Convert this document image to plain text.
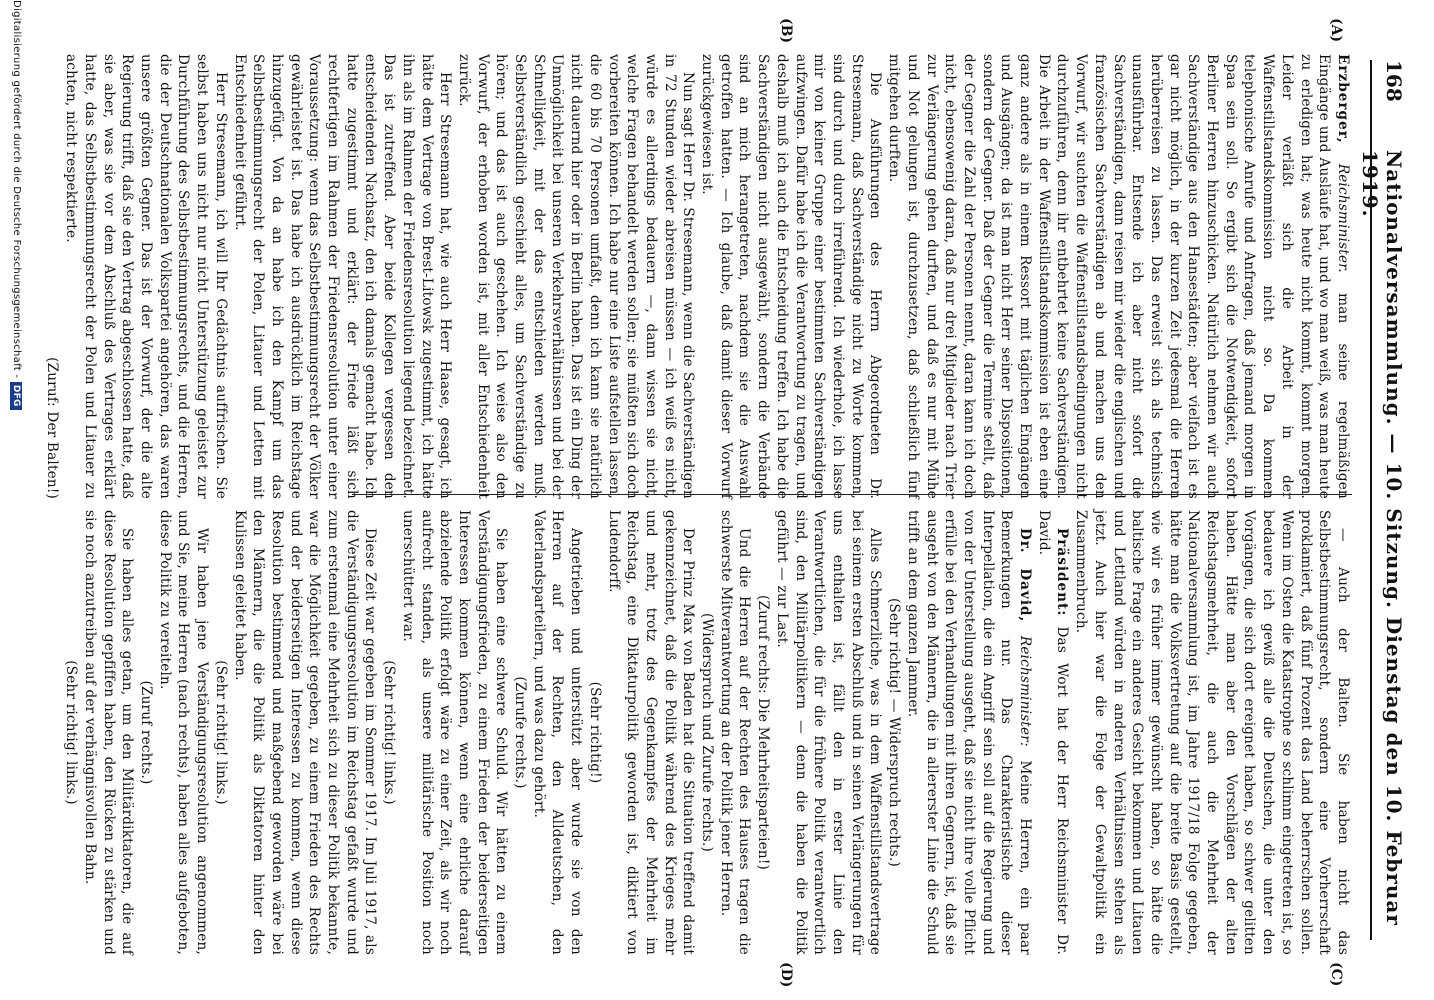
168
Nationalversammlung. — 10. Sitzung. Dienstag den 10. Februar 1919.
(A)
(B)
(C)
(D)

Erzberger, Reichsminister. man seine regelmäßigen Eingänge und Ausläufe hat, und wo man weiß, was man heute zu erledigen hat; was heute nicht kommt, kommt morgen. Leider verläßt sich die Arbeit in der Waffenstillstandskommission nicht so. Da kommen telephonische Anrufe und Anfragen, daß jemand morgen in Spaa sein soll. So ergibt sich die Notwendigkeit, sofort Berliner Herren hinzuschicken. Natürlich nehmen wir auch Sachverständige aus den Hansestädten; aber vielfach ist es gar nicht möglich, in der kurzen Zeit jedesmal die Herren herüberreisen zu lassen. Das erweist sich als technisch unausführbar. Entsende ich aber nicht sofort die Sachverständigen, dann reisen mir wieder die englischen und französischen Sachverständigen ab und machen uns den Vorwurf, wir suchten die Waffenstillstandsbedingungen nicht durchzuführen, denn ihr entbehrtet keine Sachverständigen. Die Arbeit in der Waffenstillstandskommission ist eben eine ganz andere als in einem Ressort mit täglichen Eingängen und Ausgängen; da ist man nicht Herr seiner Dispositionen, sondern der Gegner. Daß der Gegner die Termine stellt, daß der Gegner die Zahl der Personen nennt, daran kann ich doch nicht, ebensowenig daran, daß nur drei Mitglieder nach Trier zur Verlängerung gehen durften, und daß es nur mit Mühe und Not gelungen ist, durchzusetzen, daß schließlich fünf mitgehen durften.

Die Ausführungen des Herrn Abgeordneten Dr. Stresemann, daß Sachverständige nicht zu Worte kommen, sind durch und durch irreführend. Ich wiederhole, ich lasse mir von keiner Gruppe einer bestimmten Sachverständigen aufzwingen. Dafür habe ich die Verantwortung zu tragen, und deshalb muß ich auch die Entscheidung treffen. Ich habe die Sachverständigen nicht ausgewählt, sondern die Verbände sind an mich herangetreten, nachdem sie die Auswahl getroffen hatten. — Ich glaube, daß damit dieser Vorwurf zurückgewiesen ist.

Nun sagt Herr Dr. Stresemann, wenn die Sachverständigen in 72 Stunden wieder abreisen müssen — ich weiß es nicht, würde es allerdings bedauern —, dann wissen sie nicht, welche Fragen behandelt werden sollen; sie müßten sich doch vorbereiten können. Ich habe nur eine Liste aufstellen lassen, die 60 bis 70 Personen umfaßt, denn ich kann sie natürlich nicht dauernd hier oder in Berlin haben. Das ist ein Ding der Unmöglichkeit bei unseren Verkehrsverhältnissen und bei der Schnelligkeit, mit der das entschieden werden muß. Selbstverständlich geschieht alles, um Sachverständige zu hören; und das ist auch geschehen. Ich weise also den Vorwurf, der erhoben worden ist, mit aller Entschiedenheit zurück.

Herr Stresemann hat, wie auch Herr Haase, gesagt, ich hätte dem Vertrage von Brest-Litowsk zugestimmt, ich hätte ihn als im Rahmen der Friedensresolution liegend bezeichnet. Das ist zutreffend. Aber beide Kollegen vergessen den entscheidenden Nachsatz, den ich damals gemacht habe. Ich hatte zugestimmt und erklärt: der Friede läßt sich rechtfertigen im Rahmen der Friedensresolution unter einer Voraussetzung: wenn das Selbstbestimmungsrecht der Völker gewährleistet ist. Das habe ich ausdrücklich im Reichstage hinzugefügt. Von da an habe ich den Kampf um das Selbstbestimmungsrecht der Polen, Litauer und Letten mit Entschiedenheit geführt.

Herr Stresemann, ich will Ihr Gedächtnis auffrischen. Sie selbst haben uns nicht nur nicht Unterstützung geleistet zur Durchführung des Selbstbestimmungsrechts, und die Herren, die der Deutschnationalen Volkspartei angehören, das waren unsere größten Gegner. Das ist der Vorwurf, der die alte Regierung trifft, daß sie den Vertrag abgeschlossen hatte, daß sie aber, was sie vor dem Abschluß des Vertrages erklärt hatte, das Selbstbestimmungsrecht der Polen und Litauer zu achten, nicht respektierte.

(Zuruf: Der Balten!)

— Auch der Balten. Sie haben nicht das Selbstbestimmungsrecht, sondern eine Vorherrschaft proklamiert, daß fünf Prozent das Land beherrschen sollen. Wenn im Osten die Katastrophe so schlimm eingetreten ist, so bedauere ich gewiß alle die Deutschen, die unter den Vorgängen, die sich dort ereignet haben, so schwer gelitten haben. Hätte man aber den Vorschlägen der alten Reichstagsmehrheit, die auch die Mehrheit der Nationalversammlung ist, im Jahre 1917/18 Folge gegeben, hätte man die Volksvertretung auf die breite Basis gestellt, wie wir es früher immer gewünscht haben, so hätte die baltische Frage ein anderes Gesicht bekommen und Litauen und Lettland würden in anderen Verhältnissen stehen als jetzt. Auch hier war die Folge der Gewaltpolitik ein Zusammenbruch.

Präsident: Das Wort hat der Herr Reichsminister Dr. David.

Dr. David, Reichsminister: Meine Herren, ein paar Bemerkungen nur. Das Charakteristische dieser Interpellation, die ein Angriff sein soll auf die Regierung und von der Unterstellung ausgeht, daß sie nicht ihre volle Pflicht erfülle bei den Verhandlungen mit ihren Gegnern, ist, daß sie ausgeht von den Männern, die in allererster Linie die Schuld trifft an dem ganzen Jammer.

(Sehr richtig! — Widerspruch rechts.)

Alles Schmerzliche, was in dem Waffenstillstandsvertrage bei seinem ersten Abschluß und in seinen Verlängerungen für uns enthalten ist, fällt den in erster Linie den Verantwortlichen, die für die frühere Politik verantwortlich sind, den Militärpolitikern — denn die haben die Politik geführt — zur Last.

(Zuruf rechts: Die Mehrheitsparteien!)

Und die Herren auf der Rechten des Hauses tragen die schwerste Mitverantwortung an der Politik jener Herren.

(Widerspruch und Zurufe rechts.)

Der Prinz Max von Baden hat die Situation treffend damit gekennzeichnet, daß die Politik während des Krieges mehr und mehr, trotz des Gegenkampfes der Mehrheit im Reichstag, eine Diktaturpolitik geworden ist, diktiert von Ludendorff.

(Sehr richtig!)

Angetrieben und unterstützt aber wurde sie von den Herren auf der Rechten, den Alldeutschen, den Vaterlandsparteilern, und was dazu gehört.

(Zurufe rechts.)

Sie haben eine schwere Schuld. Wir hätten zu einem Verständigungsfrieden, zu einem Frieden der beiderseitigen Interessen kommen können, wenn eine ehrliche darauf abzielende Politik erfolgt wäre zu einer Zeit, als wir noch aufrecht standen, als unsere militärische Position noch unerschüttert war.

(Sehr richtig! links.)

Diese Zeit war gegeben im Sommer 1917. Im Juli 1917, als die Verständigungsresolution im Reichstag gefaßt wurde und zum erstenmal eine Mehrheit sich zu dieser Politik bekannte, war die Möglichkeit gegeben, zu einem Frieden des Rechts und der beiderseitigen Interessen zu kommen, wenn diese Resolution bestimmend und maßgebend geworden wäre bei den Männern, die die Politik als Diktatoren hinter den Kulissen geleitet haben.

(Sehr richtig! links.)

Wir haben jene Verständigungsresolution angenommen, und Sie, meine Herren (nach rechts), haben alles aufgeboten, diese Politik zu vereiteln.

(Zuruf rechts.)

Sie haben alles getan, um den Militärdiktatoren, die auf diese Resolution gepfiffen haben, den Rücken zu stärken und sie noch anzutreiben auf der verhängnisvollen Bahn.

(Sehr richtig! links.)

Digitalisierung gefördert durch die Deutsche Forschungsgemeinschaft - DFG
